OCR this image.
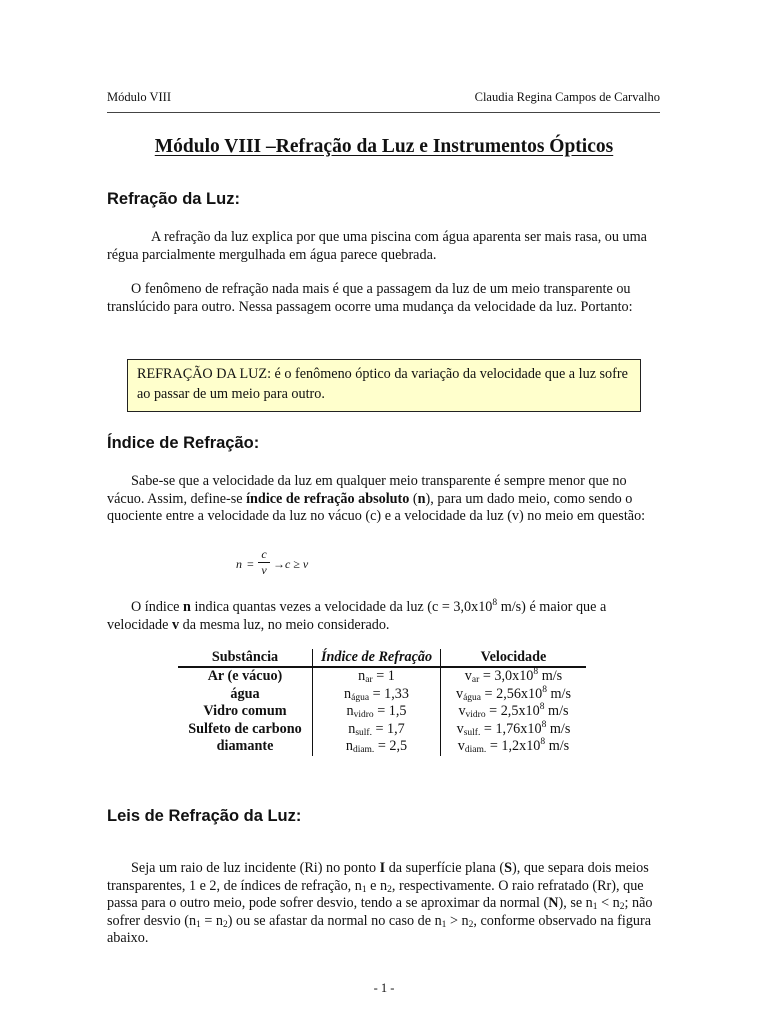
Módulo VIII	Claudia Regina Campos de Carvalho
Módulo VIII –Refração da Luz e Instrumentos Ópticos
Refração da Luz:
A refração da luz explica por que uma piscina com água aparenta ser mais rasa, ou uma régua parcialmente mergulhada em água parece quebrada.
O fenômeno de refração nada mais é que a passagem da luz de um meio transparente ou translúcido para outro. Nessa passagem ocorre uma mudança da velocidade da luz. Portanto:
REFRAÇÃO DA LUZ: é o fenômeno óptico da variação da velocidade que a luz sofre ao passar de um meio para outro.
Índice de Refração:
Sabe-se que a velocidade da luz em qualquer meio transparente é sempre menor que no vácuo. Assim, define-se índice de refração absoluto (n), para um dado meio, como sendo o quociente entre a velocidade da luz no vácuo (c) e a velocidade da luz (v) no meio em questão:
n =
c
v →c ≥ v
O índice n indica quantas vezes a velocidade da luz ($c = 3,0x10^8$ m/s) é maior que a velocidade v da mesma luz, no meio considerado.
Substância	Índice de Refração	Velocidade
Ar (e vácuo)	$n_{ar} = 1$	$v_{ar} = 3,0x10^8$ m/s
água	$n_{água} = 1,33$	$v_{água} = 2,56x10^8$ m/s
Vidro comum	$n_{vidro} = 1,5$	$v_{vidro} = 2,5x10^8$ m/s
Sulfeto de carbono	$n_{sulf.} = 1,7$	$v_{sulf.} = 1,76x10^8$ m/s
diamante	$n_{diam.} = 2,5$	$v_{diam.} = 1,2x10^8$ m/s
Leis de Refração da Luz:
Seja um raio de luz incidente (Ri) no ponto I da superfície plana (S), que separa dois meios transparentes, 1 e 2, de índices de refração, $n_1$ e $n_2$, respectivamente. O raio refratado (Rr), que passa para o outro meio, pode sofrer desvio, tendo a se aproximar da normal (N), se $n_1 < n_2$; não sofrer desvio $(n_1 = n_2)$ ou se afastar da normal no caso de $n_1 > n_2$, conforme observado na figura abaixo.
- 1 -
